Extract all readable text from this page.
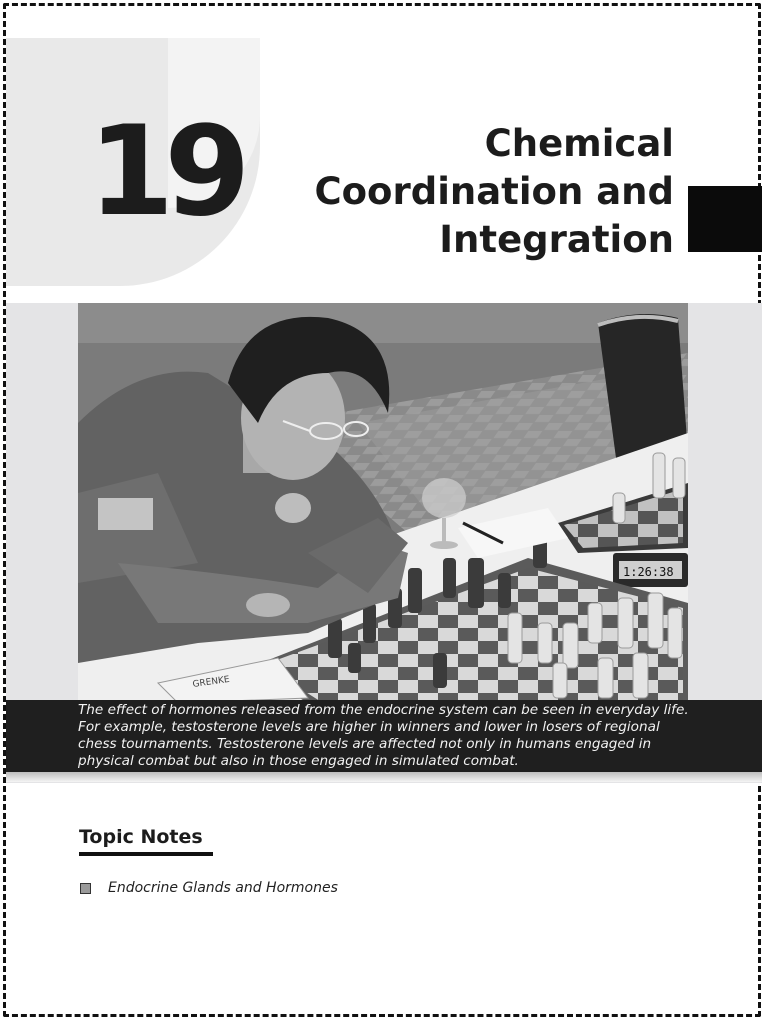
19	Chemical
Coordination and
Integration
1:26:38
GRENKE

The effect of hormones released from the endocrine system can be seen in everyday life. For example, testosterone levels are higher in winners and lower in losers of regional chess tournaments. Testosterone levels are affected not only in humans engaged in physical combat but also in those engaged in simulated combat.

Topic Notes
Endocrine Glands and Hormones
